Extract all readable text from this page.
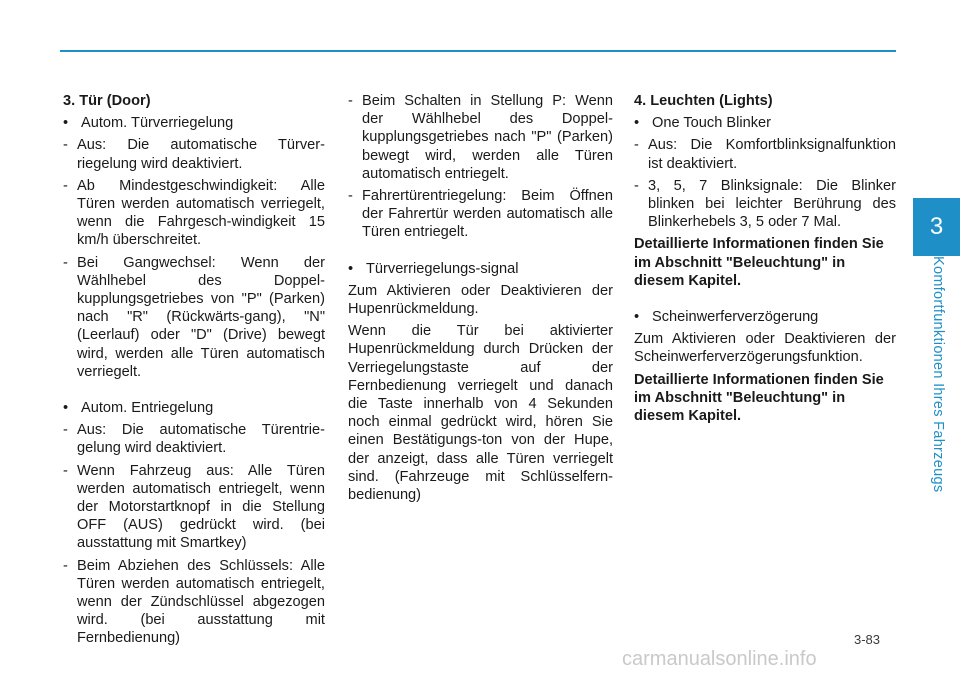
3
Komfortfunktionen Ihres Fahrzeugs
3. Tür (Door)
• Autom. Türverriegelung
- Aus: Die automatische Türver-riegelung wird deaktiviert.
- Ab Mindestgeschwindigkeit: Alle Türen werden automatisch verriegelt, wenn die Fahrgesch-windigkeit 15 km/h überschreitet.
- Bei Gangwechsel: Wenn der Wählhebel des Doppel-kupplungsgetriebes von "P" (Parken) nach "R" (Rückwärts-gang), "N" (Leerlauf) oder "D" (Drive) bewegt wird, werden alle Türen automatisch verriegelt.
• Autom. Entriegelung
- Aus: Die automatische Türentrie-gelung wird deaktiviert.
- Wenn Fahrzeug aus: Alle Türen werden automatisch entriegelt, wenn der Motorstartknopf in die Stellung OFF (AUS) gedrückt wird. (bei ausstattung mit Smartkey)
- Beim Abziehen des Schlüssels: Alle Türen werden automatisch entriegelt, wenn der Zündschlüssel abgezogen wird. (bei ausstattung mit Fernbedienung)
- Beim Schalten in Stellung P: Wenn der Wählhebel des Doppel-kupplungsgetriebes nach "P" (Parken) bewegt wird, werden alle Türen automatisch entriegelt.
- Fahrertürentriegelung: Beim Öffnen der Fahrertür werden automatisch alle Türen entriegelt.
• Türverriegelungs-signal
Zum Aktivieren oder Deaktivieren der Hupenrückmeldung.
Wenn die Tür bei aktivierter Hupenrückmeldung durch Drücken der Verriegelungstaste auf der Fernbedienung verriegelt und danach die Taste innerhalb von 4 Sekunden noch einmal gedrückt wird, hören Sie einen Bestätigungs-ton von der Hupe, der anzeigt, dass alle Türen verriegelt sind. (Fahrzeuge mit Schlüsselfern-bedienung)
4. Leuchten (Lights)
• One Touch Blinker
- Aus: Die Komfortblinksignalfunktion ist deaktiviert.
- 3, 5, 7 Blinksignale: Die Blinker blinken bei leichter Berührung des Blinkerhebels 3, 5 oder 7 Mal.
Detaillierte Informationen finden Sie im Abschnitt "Beleuchtung" in diesem Kapitel.
• Scheinwerferverzögerung
Zum Aktivieren oder Deaktivieren der Scheinwerferverzögerungsfunktion.
Detaillierte Informationen finden Sie im Abschnitt "Beleuchtung" in diesem Kapitel.
3-83
carmanualsonline.info
